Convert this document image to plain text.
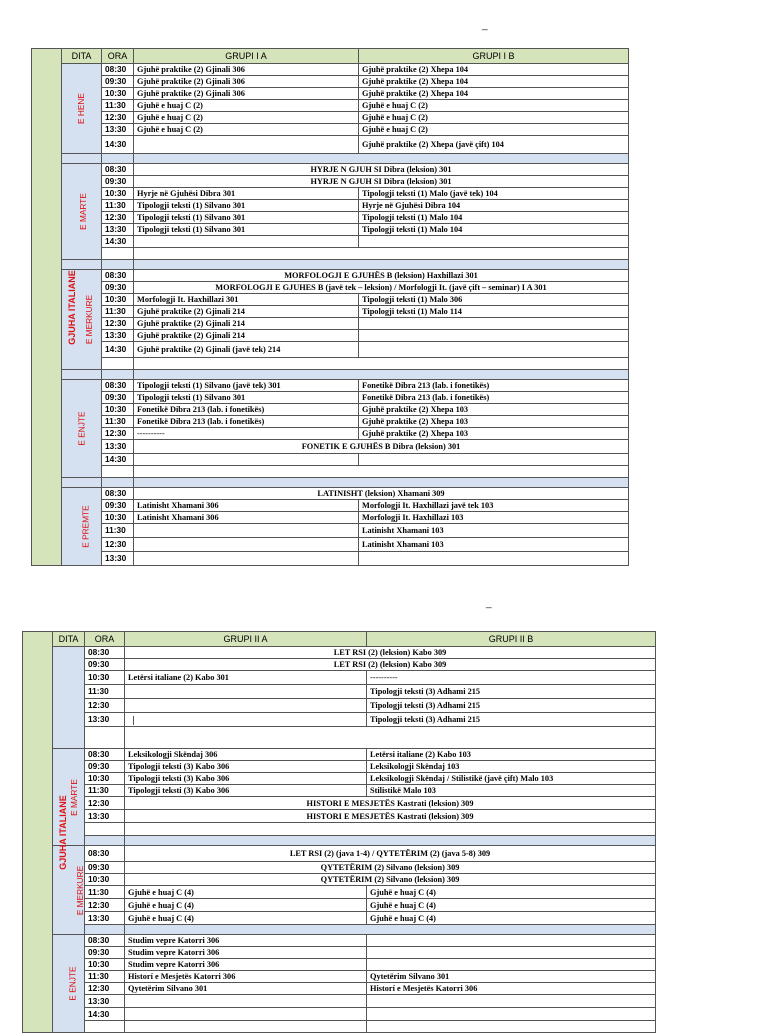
_
_
GJUHA ITALIANE	DITA	ORA	GRUPI I A	GRUPI I B
	E HENE	08:30	Gjuhë praktike (2) Gjinali 306	Gjuhë praktike (2) Xhepa 104
		09:30	Gjuhë praktike (2) Gjinali 306	Gjuhë praktike (2) Xhepa 104
		10:30	Gjuhë praktike (2) Gjinali 306	Gjuhë praktike (2) Xhepa 104
		11:30	Gjuhë e huaj C (2)	Gjuhë e huaj C (2)
		12:30	Gjuhë e huaj C (2)	Gjuhë e huaj C (2)
		13:30	Gjuhë e huaj C (2)	Gjuhë e huaj C (2)
		14:30		Gjuhë praktike (2) Xhepa (javë çift) 104

	E MARTE	08:30	HYRJE N GJUH SI Dibra (leksion) 301	
		09:30	HYRJE N GJUH SI Dibra (leksion) 301	
		10:30	Hyrje në Gjuhësi Dibra 301	Tipologji teksti (1) Malo (javë tek) 104
		11:30	Tipologji teksti (1) Silvano 301	Hyrje në Gjuhësi Dibra 104
		12:30	Tipologji teksti (1) Silvano 301	Tipologji teksti (1) Malo 104
		13:30	Tipologji teksti (1) Silvano 301	Tipologji teksti (1) Malo 104
		14:30		

	E MERKURE	08:30	MORFOLOGJI E GJUHËS B (leksion) Haxhillazi 301	
		09:30	MORFOLOGJI E GJUHES B (javë tek – leksion) / Morfologji It. (javë çift – seminar) I A 301	
		10:30	Morfologji It. Haxhillazi 301	Tipologji teksti (1) Malo 306
		11:30	Gjuhë praktike (2) Gjinali 214	Tipologji teksti (1) Malo 114
		12:30	Gjuhë praktike (2) Gjinali 214	
		13:30	Gjuhë praktike (2) Gjinali 214	
		14:30	Gjuhë praktike (2) Gjinali (javë tek) 214	

	E ENJTE	08:30	Tipologji teksti (1) Silvano (javë tek) 301	Fonetikë Dibra 213 (lab. i fonetikës)
		09:30	Tipologji teksti (1) Silvano 301	Fonetikë Dibra 213 (lab. i fonetikës)
		10:30	Fonetikë Dibra 213 (lab. i fonetikës)	Gjuhë praktike (2) Xhepa 103
		11:30	Fonetikë Dibra 213 (lab. i fonetikës)	Gjuhë praktike (2) Xhepa 103
		12:30	----------	Gjuhë praktike (2) Xhepa 103
		13:30	FONETIK E GJUHËS B Dibra (leksion) 301	
		14:30		

	E PREMTE	08:30	LATINISHT (leksion) Xhamani 309	
		09:30	Latinisht Xhamani 306	Morfologji It. Haxhillazi javë tek 103
		10:30	Latinisht Xhamani 306	Morfologji It. Haxhillazi 103
		11:30		Latinisht Xhamani 103
		12:30		Latinisht Xhamani 103
		13:30		
GJUHA ITALIANE	DITA	ORA	GRUPI II A	GRUPI II B
		08:30	LET RSI (2) (leksion) Kabo 309	
		09:30	LET RSI (2) (leksion) Kabo 309	
		10:30	Letërsi italiane (2) Kabo 301	----------
		11:30		Tipologji teksti (3) Adhami 215
		12:30		Tipologji teksti (3) Adhami 215
		13:30		Tipologji teksti (3) Adhami 215

	E MARTE	08:30	Leksikologji Skëndaj 306	Letërsi italiane (2) Kabo 103
		09:30	Tipologji teksti (3) Kabo 306	Leksikologji Skëndaj 103
		10:30	Tipologji teksti (3) Kabo 306	Leksikologji Skëndaj / Stilistikë (javë çift) Malo 103
		11:30	Tipologji teksti (3) Kabo 306	Stilistikë Malo 103
		12:30	HISTORI E MESJETËS Kastrati (leksion) 309	
		13:30	HISTORI E MESJETËS Kastrati (leksion) 309	

	E MERKURE	08:30	LET RSI (2) (java 1-4) / QYTETËRIM (2) (java 5-8) 309	
		09:30	QYTETËRIM (2) Silvano (leksion) 309	
		10:30	QYTETËRIM (2) Silvano (leksion) 309	
		11:30	Gjuhë e huaj C (4)	Gjuhë e huaj C (4)
		12:30	Gjuhë e huaj C (4)	Gjuhë e huaj C (4)
		13:30	Gjuhë e huaj C (4)	Gjuhë e huaj C (4)

	E ENJTE	08:30	Studim vepre Katorri 306	
		09:30	Studim vepre Katorri 306	
		10:30	Studim vepre Katorri 306	
		11:30	Historí e Mesjetës Katorri 306	Qytetërim Silvano 301
		12:30	Qytetërim Silvano 301	Historí e Mesjetës Katorri 306
		13:30		
		14:30		
